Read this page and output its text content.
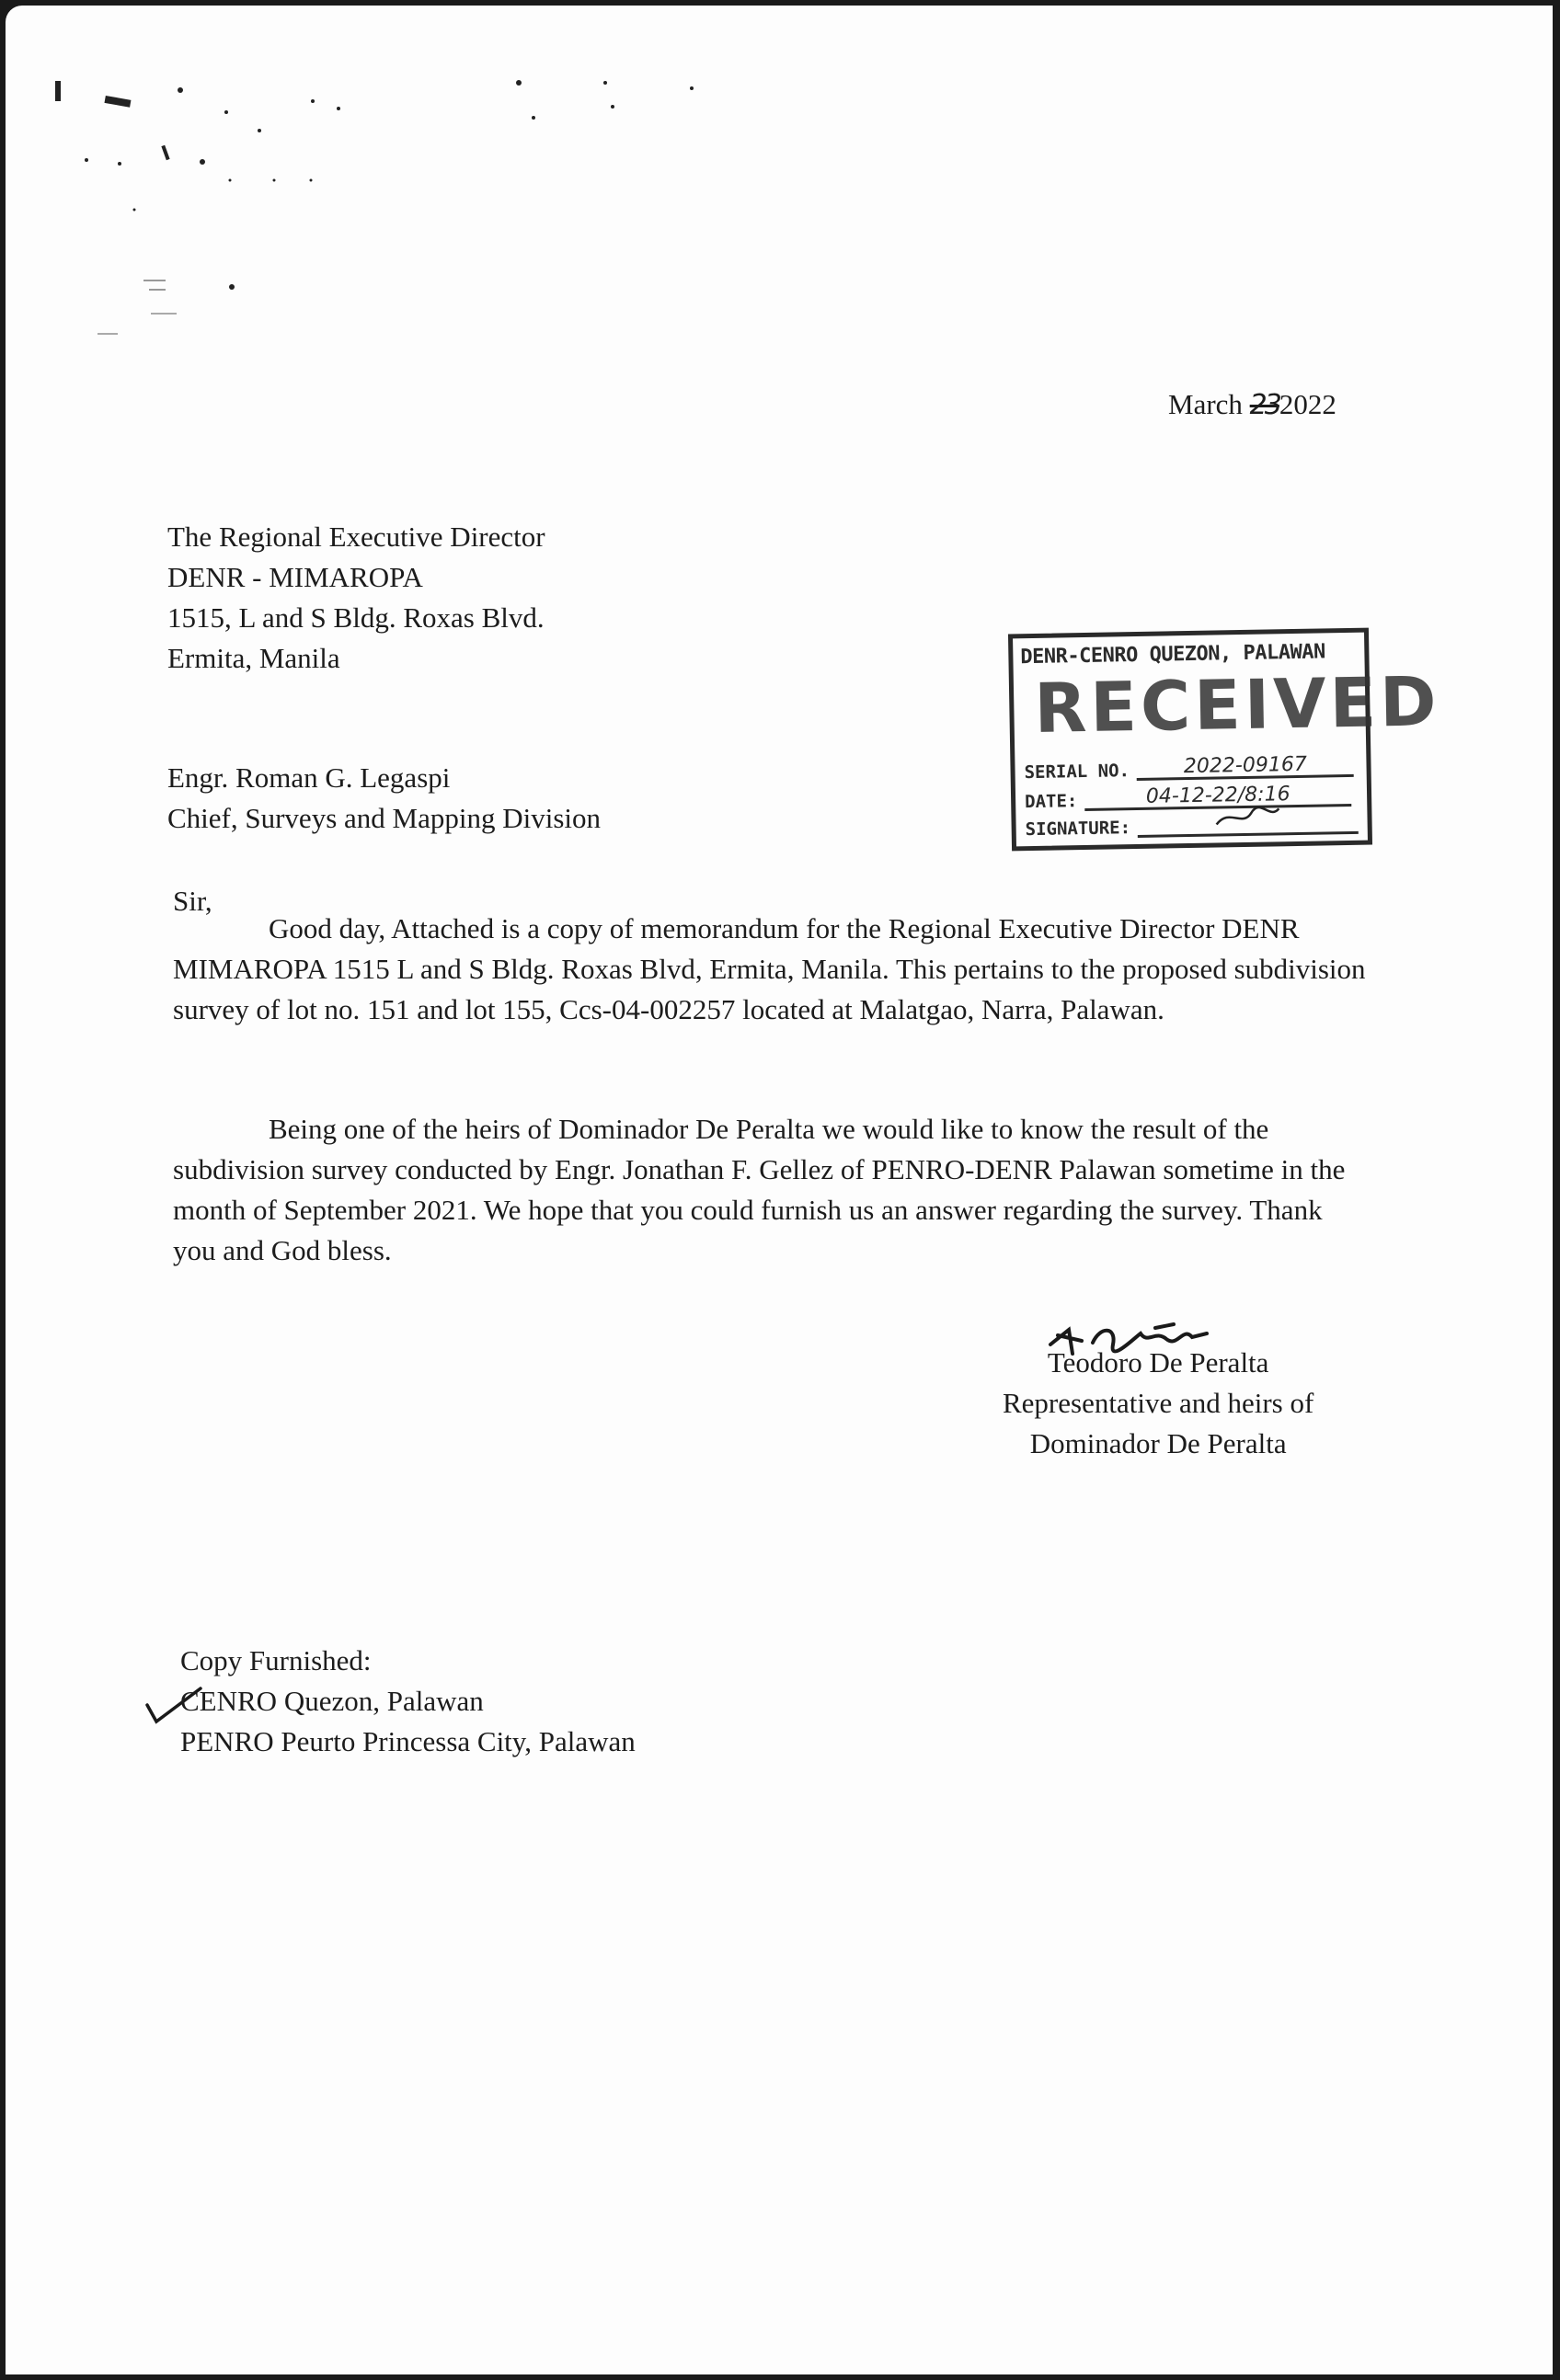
March 232022
The Regional Executive Director
DENR - MIMAROPA
1515, L and S Bldg. Roxas Blvd.
Ermita, Manila	DENR-CENRO QUEZON, PALAWAN
RECEIVED
SERIAL NO.	2022-09167
DATE:	04-12-22/8:16
SIGNATURE:
Engr. Roman G. Legaspi
Chief, Surveys and Mapping Division
Sir,
Good day, Attached is a copy of memorandum for the Regional Executive Director DENR MIMAROPA 1515 L and S Bldg. Roxas Blvd, Ermita, Manila. This pertains to the proposed subdivision survey of lot no. 151 and lot 155, Ccs-04-002257 located at Malatgao, Narra, Palawan.
Being one of the heirs of Dominador De Peralta we would like to know the result of the subdivision survey conducted by Engr. Jonathan F. Gellez of PENRO-DENR Palawan sometime in the month of September 2021. We hope that you could furnish us an answer regarding the survey. Thank you and God bless.
Teodoro De Peralta
Representative and heirs of
Dominador De Peralta
Copy Furnished:
CENRO Quezon, Palawan
PENRO Peurto Princessa City, Palawan
